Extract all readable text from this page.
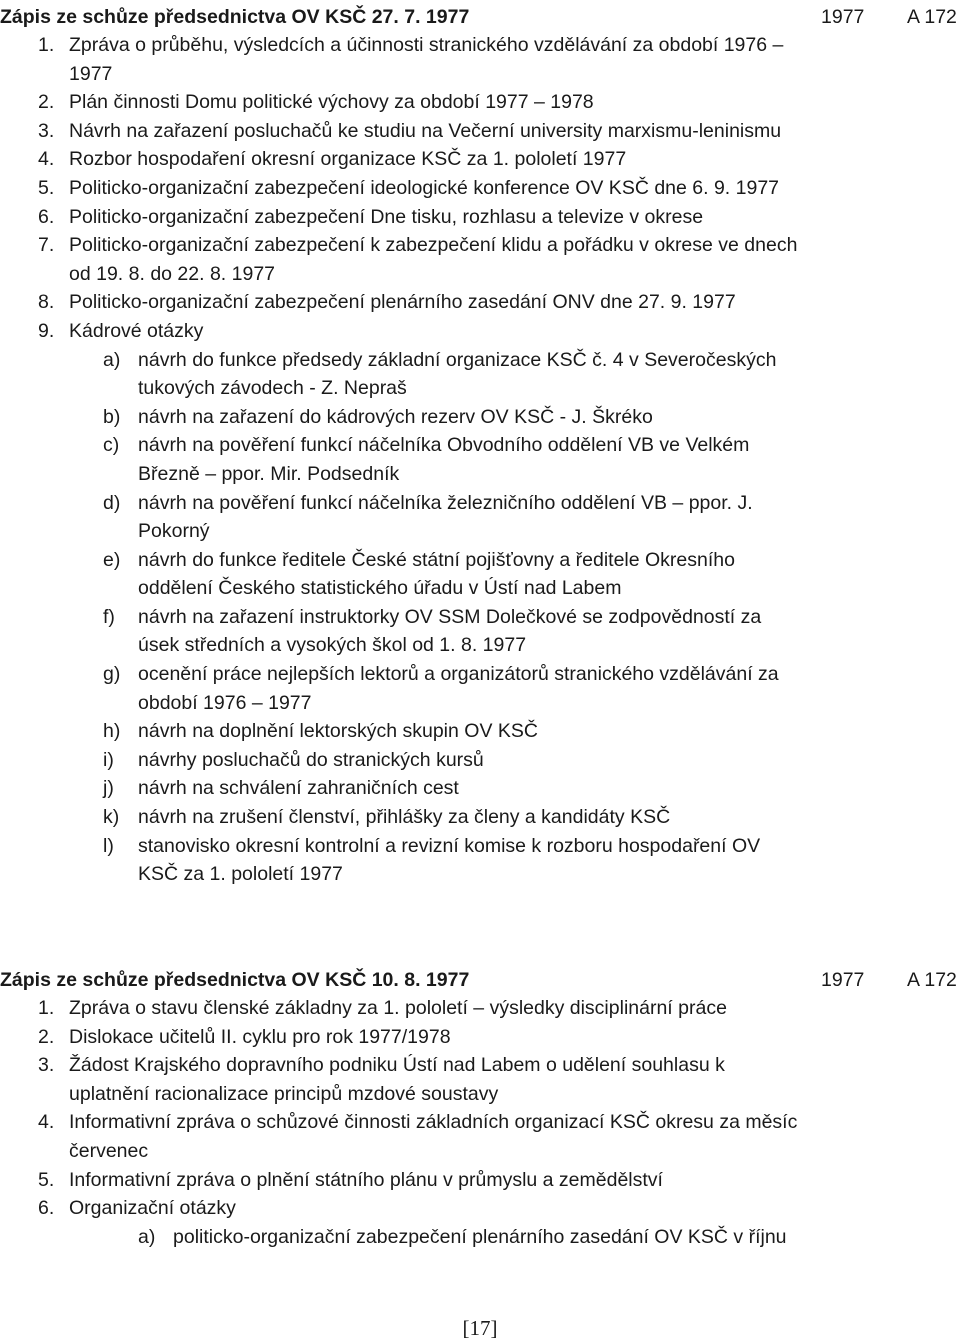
Zápis ze schůze předsednictva OV KSČ 27. 7. 1977	1977 A 172
1. Zpráva o průběhu, výsledcích a účinnosti stranického vzdělávání za období 1976 – 1977
2. Plán činnosti Domu politické výchovy za období 1977 – 1978
3. Návrh na zařazení posluchačů ke studiu na Večerní university marxismu-leninismu
4. Rozbor hospodaření okresní organizace KSČ za 1. pololetí 1977
5. Politicko-organizační zabezpečení ideologické konference OV KSČ dne 6. 9. 1977
6. Politicko-organizační zabezpečení Dne tisku, rozhlasu a televize v okrese
7. Politicko-organizační zabezpečení k zabezpečení klidu a pořádku v okrese ve dnech od 19. 8. do 22. 8. 1977
8. Politicko-organizační zabezpečení plenárního zasedání ONV dne 27. 9. 1977
9. Kádrové otázky
a) návrh do funkce předsedy základní organizace KSČ č. 4 v Severočeských tukových závodech - Z. Nepraš
b) návrh na zařazení do kádrových rezerv OV KSČ - J. Škréko
c) návrh na pověření funkcí náčelníka Obvodního oddělení VB ve Velkém Březně – ppor. Mir. Podsedník
d) návrh na pověření funkcí náčelníka železničního oddělení VB – ppor. J. Pokorný
e) návrh do funkce ředitele České státní pojišťovny a ředitele Okresního oddělení Českého statistického úřadu v Ústí nad Labem
f) návrh na zařazení instruktorky OV SSM Dolečkové se zodpovědností za úsek středních a vysokých škol od 1. 8. 1977
g) ocenění práce nejlepších lektorů a organizátorů stranického vzdělávání za období 1976 – 1977
h) návrh na doplnění lektorských skupin OV KSČ
i) návrhy posluchačů do stranických kursů
j) návrh na schválení zahraničních cest
k) návrh na zrušení členství, přihlášky za členy a kandidáty KSČ
l) stanovisko okresní kontrolní a revizní komise k rozboru hospodaření OV KSČ za 1. pololetí 1977
Zápis ze schůze předsednictva OV KSČ 10. 8. 1977	1977 A 172
1. Zpráva o stavu členské základny za 1. pololetí – výsledky disciplinární práce
2. Dislokace učitelů II. cyklu pro rok 1977/1978
3. Žádost Krajského dopravního podniku Ústí nad Labem o udělení souhlasu k uplatnění racionalizace principů mzdové soustavy
4. Informativní zpráva o schůzové činnosti základních organizací KSČ okresu za měsíc červenec
5. Informativní zpráva o plnění státního plánu v průmyslu a zemědělství
6. Organizační otázky
a) politicko-organizační zabezpečení plenárního zasedání OV KSČ v říjnu
[17]
